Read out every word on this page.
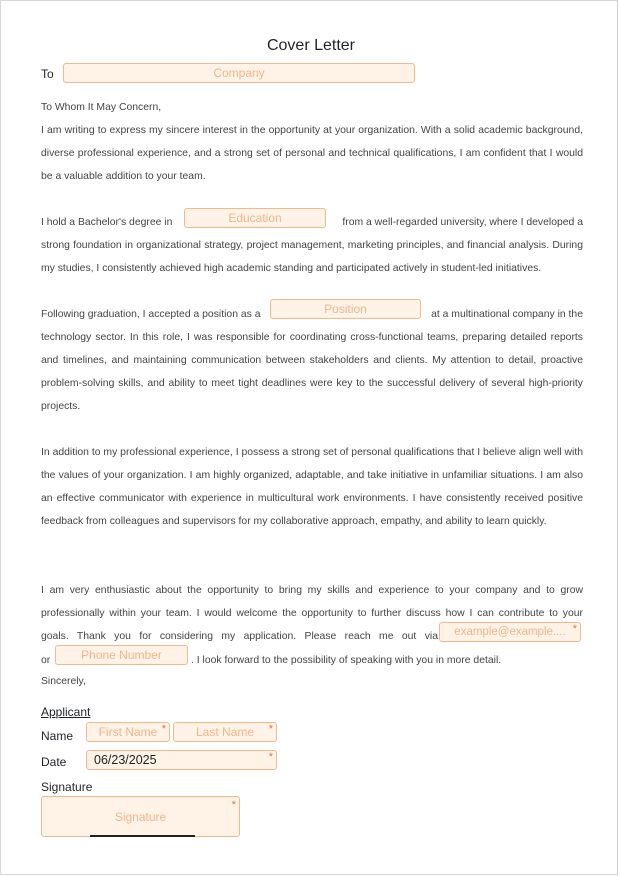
Cover Letter
To	Company
To Whom It May Concern,
I am writing to express my sincere interest in the opportunity at your organization. With a solid academic background, diverse professional experience, and a strong set of personal and technical qualifications, I am confident that I would be a valuable addition to your team.
I hold a Bachelor's degree in	Education	from a well-regarded university, where I developed a
strong foundation in organizational strategy, project management, marketing principles, and financial analysis. During my studies, I consistently achieved high academic standing and participated actively in student-led initiatives.
Following graduation, I accepted a position as a	Position	at a multinational company in the
technology sector. In this role, I was responsible for coordinating cross-functional teams, preparing detailed reports and timelines, and maintaining communication between stakeholders and clients. My attention to detail, proactive problem-solving skills, and ability to meet tight deadlines were key to the successful delivery of several high-priority projects.
In addition to my professional experience, I possess a strong set of personal qualifications that I believe align well with the values of your organization. I am highly organized, adaptable, and take initiative in unfamiliar situations. I am also an effective communicator with experience in multicultural work environments. I have consistently received positive feedback from colleagues and supervisors for my collaborative approach, empathy, and ability to learn quickly.
I am very enthusiastic about the opportunity to bring my skills and experience to your company and to grow
professionally within your team. I would welcome the opportunity to further discuss how I can contribute to your
goals. Thank you for considering my application. Please reach me out via	example@example.... *
or	Phone Number	. I look forward to the possibility of speaking with you in more detail.
Sincerely,
Applicant
Name	First Name *	Last Name *
Date	06/23/2025	*
Signature
Signature
*
